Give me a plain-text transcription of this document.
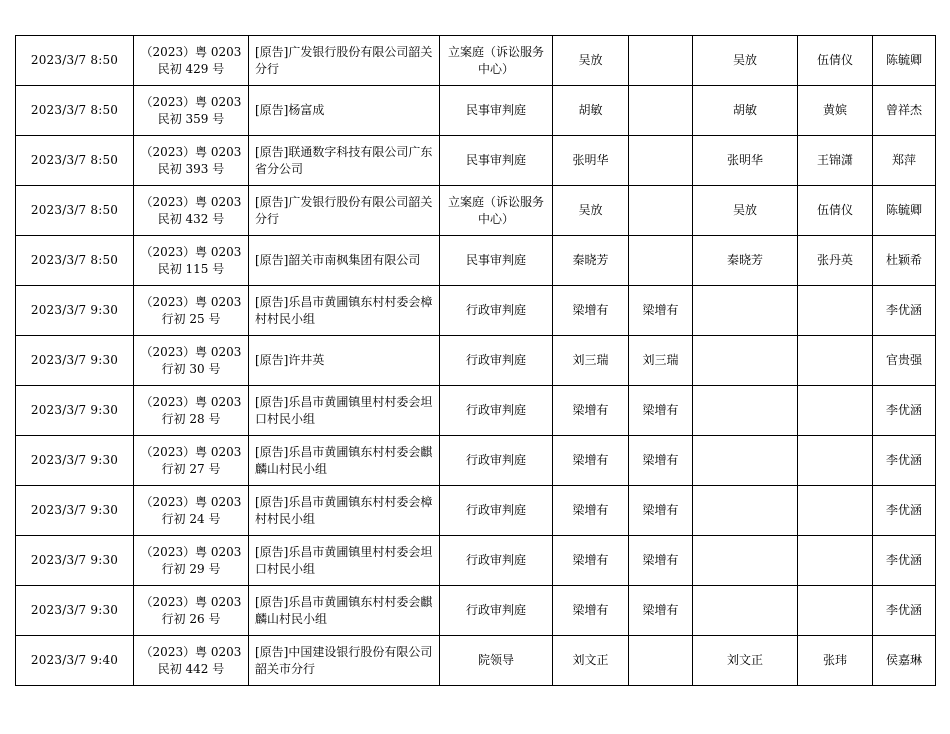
2023/3/7 8:50	（2023）粤 0203 民初 429 号	[原告]广发银行股份有限公司韶关分行	立案庭（诉讼服务中心）	吴放		吴放	伍倩仪	陈毓卿
2023/3/7 8:50	（2023）粤 0203 民初 359 号	[原告]杨富成	民事审判庭	胡敏		胡敏	黄嫔	曾祥杰
2023/3/7 8:50	（2023）粤 0203 民初 393 号	[原告]联通数字科技有限公司广东省分公司	民事审判庭	张明华		张明华	王锦潇	郑萍
2023/3/7 8:50	（2023）粤 0203 民初 432 号	[原告]广发银行股份有限公司韶关分行	立案庭（诉讼服务中心）	吴放		吴放	伍倩仪	陈毓卿
2023/3/7 8:50	（2023）粤 0203 民初 115 号	[原告]韶关市南枫集团有限公司	民事审判庭	秦晓芳		秦晓芳	张丹英	杜颖希
2023/3/7 9:30	（2023）粤 0203 行初 25 号	[原告]乐昌市黄圃镇东村村委会樟村村民小组	行政审判庭	梁增有	梁增有			李优涵
2023/3/7 9:30	（2023）粤 0203 行初 30 号	[原告]许井英	行政审判庭	刘三瑞	刘三瑞			官贵强
2023/3/7 9:30	（2023）粤 0203 行初 28 号	[原告]乐昌市黄圃镇里村村委会坦口村民小组	行政审判庭	梁增有	梁增有			李优涵
2023/3/7 9:30	（2023）粤 0203 行初 27 号	[原告]乐昌市黄圃镇东村村委会麒麟山村民小组	行政审判庭	梁增有	梁增有			李优涵
2023/3/7 9:30	（2023）粤 0203 行初 24 号	[原告]乐昌市黄圃镇东村村委会樟村村民小组	行政审判庭	梁增有	梁增有			李优涵
2023/3/7 9:30	（2023）粤 0203 行初 29 号	[原告]乐昌市黄圃镇里村村委会坦口村民小组	行政审判庭	梁增有	梁增有			李优涵
2023/3/7 9:30	（2023）粤 0203 行初 26 号	[原告]乐昌市黄圃镇东村村委会麒麟山村民小组	行政审判庭	梁增有	梁增有			李优涵
2023/3/7 9:40	（2023）粤 0203 民初 442 号	[原告]中国建设银行股份有限公司韶关市分行	院领导	刘文正		刘文正	张玮	侯嘉琳
